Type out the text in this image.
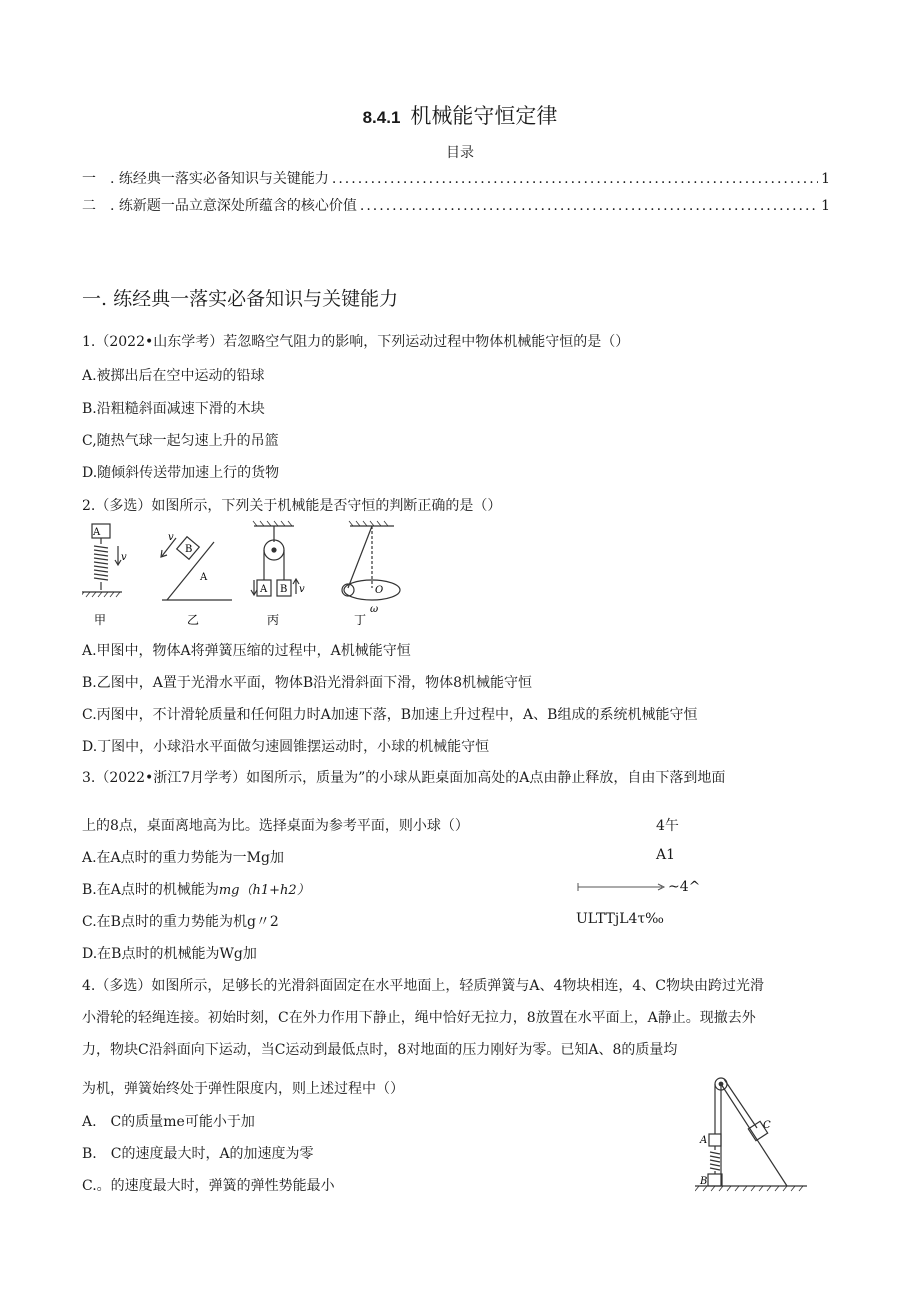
8.4.1 机械能守恒定律
目录
一　. 练经典一落实必备知识与关键能力 .....	1
二　. 练新题一品立意深处所蕴含的核心价值 .....	1
一. 练经典一落实必备知识与关键能力
1.（2022•山东学考）若忽略空气阻力的影响，下列运动过程中物体机械能守恒的是（）
A.被掷出后在空中运动的铅球
B.沿粗糙斜面减速下滑的木块
C,随热气球一起匀速上升的吊篮
D.随倾斜传送带加速上行的货物
2.（多选）如图所示，下列关于机械能是否守恒的判断正确的是（）
A
v
B
A
v
A B v	O
ω
甲	乙	丙	丁
A.甲图中，物体A将弹簧压缩的过程中，A机械能守恒
B.乙图中，A置于光滑水平面，物体B沿光滑斜面下滑，物体8机械能守恒
C.丙图中，不计滑轮质量和任何阻力时A加速下落，B加速上升过程中，A、B组成的系统机械能守恒
D.丁图中，小球沿水平面做匀速圆锥摆运动时，小球的机械能守恒
3.（2022•浙江7月学考）如图所示，质量为”的小球从距桌面加高处的A点由静止释放，自由下落到地面
上的8点，桌面离地高为比。选择桌面为参考平面，则小球（）
A.在A点时的重力势能为一Mg加
B.在A点时的机械能为mg（h1+h2）
C.在B点时的重力势能为机g〃2
D.在B点时的机械能为Wg加
4午
A1
~4^
ULTTjL4τ‰
4.（多选）如图所示，足够长的光滑斜面固定在水平地面上，轻质弹簧与A、4物块相连，4、C物块由跨过光滑
小滑轮的轻绳连接。初始时刻，C在外力作用下静止，绳中恰好无拉力，8放置在水平面上，A静止。现撤去外
力，物块C沿斜面向下运动，当C运动到最低点时，8对地面的压力刚好为零。已知A、8的质量均
为机，弹簧始终处于弹性限度内，则上述过程中（）
A.　C的质量me可能小于加
B.　C的速度最大时，A的加速度为零
C.。的速度最大时，弹簧的弹性势能最小
A
B
C
